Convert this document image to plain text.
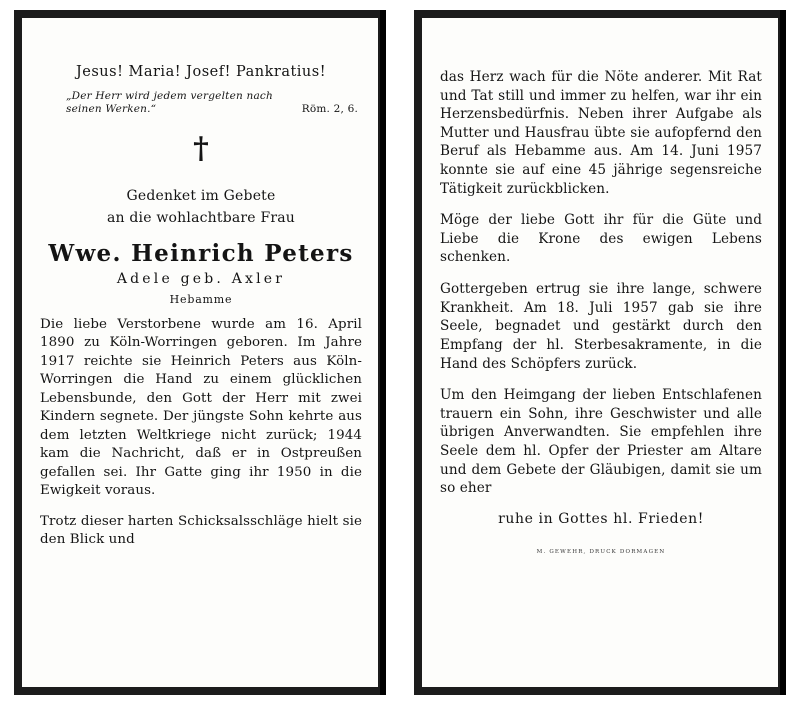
Jesus! Maria! Josef! Pankratius!
„Der Herr wird jedem vergelten nach
seinen Werken.“	Röm. 2, 6.
†
Gedenket im Gebete
an die wohlachtbare Frau
Wwe. Heinrich Peters
Adele geb. Axler
Hebamme

Die liebe Verstorbene wurde am 16. April 1890 zu Köln-Worringen geboren. Im Jahre 1917 reichte sie Heinrich Peters aus Köln-Worringen die Hand zu einem glücklichen Lebensbunde, den Gott der Herr mit zwei Kindern segnete. Der jüngste Sohn kehrte aus dem letzten Weltkriege nicht zurück; 1944 kam die Nachricht, daß er in Ostpreußen gefallen sei. Ihr Gatte ging ihr 1950 in die Ewigkeit voraus.

Trotz dieser harten Schicksalsschläge hielt sie den Blick und

das Herz wach für die Nöte anderer. Mit Rat und Tat still und immer zu helfen, war ihr ein Herzensbedürfnis. Neben ihrer Aufgabe als Mutter und Hausfrau übte sie aufopfernd den Beruf als Hebamme aus. Am 14. Juni 1957 konnte sie auf eine 45 jährige segensreiche Tätigkeit zurückblicken.

Möge der liebe Gott ihr für die Güte und Liebe die Krone des ewigen Lebens schenken.

Gottergeben ertrug sie ihre lange, schwere Krankheit. Am 18. Juli 1957 gab sie ihre Seele, begnadet und gestärkt durch den Empfang der hl. Sterbesakramente, in die Hand des Schöpfers zurück.

Um den Heimgang der lieben Entschlafenen trauern ein Sohn, ihre Geschwister und alle übrigen Anverwandten. Sie empfehlen ihre Seele dem hl. Opfer der Priester am Altare und dem Gebete der Gläubigen, damit sie um so eher

ruhe in Gottes hl. Frieden!
M. GEWEHR, DRUCK DORMAGEN
